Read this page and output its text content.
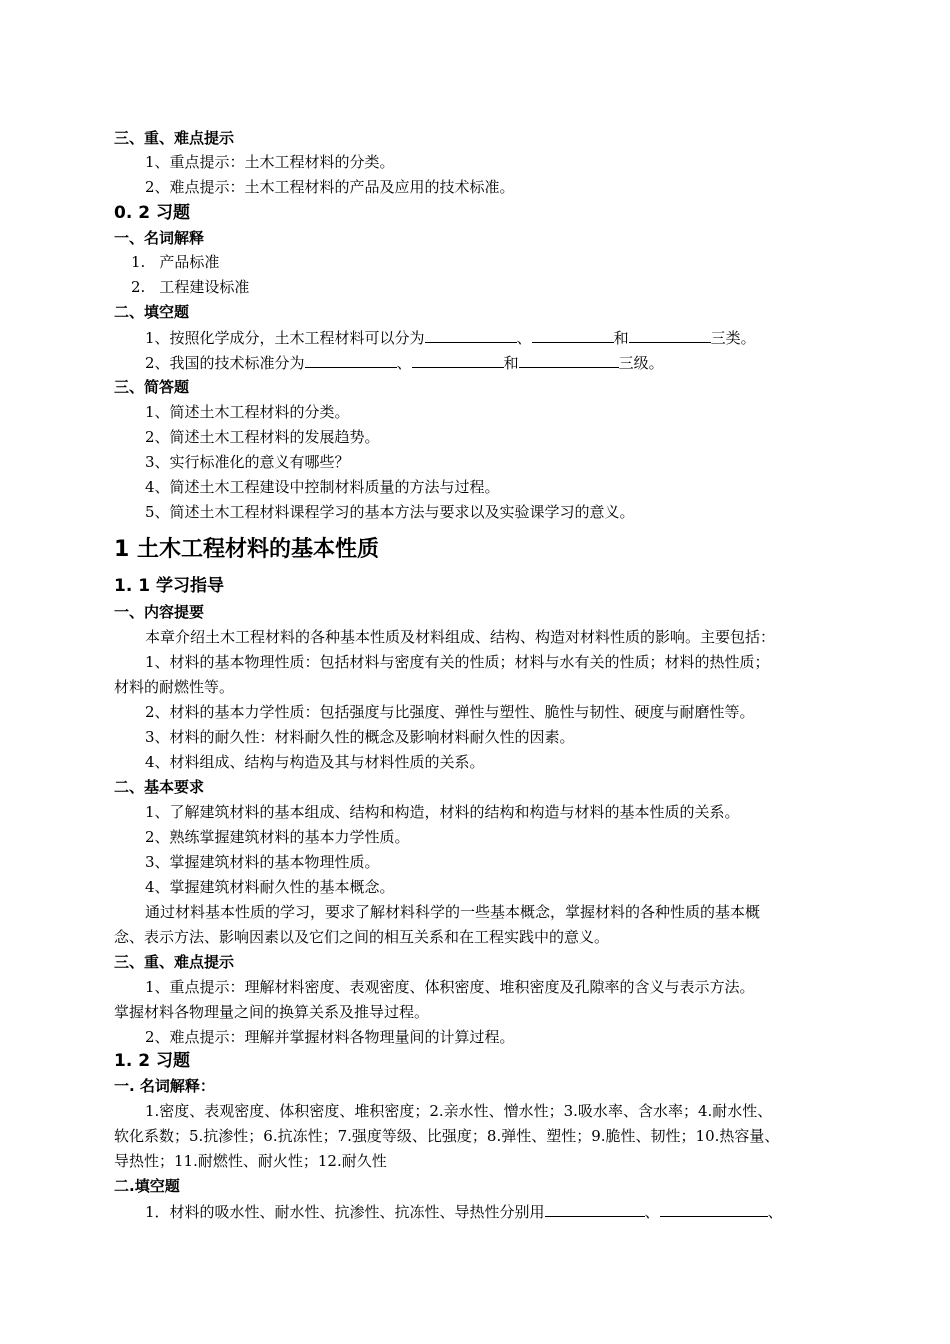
三、重、难点提示
1、重点提示：土木工程材料的分类。
2、难点提示：土木工程材料的产品及应用的技术标准。
0. 2 习题
一、名词解释
1. 产品标准
2. 工程建设标准
二、填空题
1、按照化学成分，土木工程材料可以分为	、	和	三类。
2、我国的技术标准分为	、	和	三级。
三、简答题
1、简述土木工程材料的分类。
2、简述土木工程材料的发展趋势。
3、实行标准化的意义有哪些？
4、简述土木工程建设中控制材料质量的方法与过程。
5、简述土木工程材料课程学习的基本方法与要求以及实验课学习的意义。
1 土木工程材料的基本性质
1. 1 学习指导
一、内容提要
本章介绍土木工程材料的各种基本性质及材料组成、结构、构造对材料性质的影响。主要包括：
1、材料的基本物理性质：包括材料与密度有关的性质；材料与水有关的性质；材料的热性质；
材料的耐燃性等。
2、材料的基本力学性质：包括强度与比强度、弹性与塑性、脆性与韧性、硬度与耐磨性等。
3、材料的耐久性：材料耐久性的概念及影响材料耐久性的因素。
4、材料组成、结构与构造及其与材料性质的关系。
二、基本要求
1、了解建筑材料的基本组成、结构和构造，材料的结构和构造与材料的基本性质的关系。
2、熟练掌握建筑材料的基本力学性质。
3、掌握建筑材料的基本物理性质。
4、掌握建筑材料耐久性的基本概念。
通过材料基本性质的学习，要求了解材料科学的一些基本概念，掌握材料的各种性质的基本概
念、表示方法、影响因素以及它们之间的相互关系和在工程实践中的意义。
三、重、难点提示
1、重点提示：理解材料密度、表观密度、体积密度、堆积密度及孔隙率的含义与表示方法。
掌握材料各物理量之间的换算关系及推导过程。
2、难点提示：理解并掌握材料各物理量间的计算过程。
1. 2 习题
一. 名词解释：
1.密度、表观密度、体积密度、堆积密度；2.亲水性、憎水性；3.吸水率、含水率；4.耐水性、
软化系数；5.抗渗性；6.抗冻性；7.强度等级、比强度；8.弹性、塑性；9.脆性、韧性；10.热容量、
导热性；11.耐燃性、耐火性；12.耐久性
二.填空题
1．材料的吸水性、耐水性、抗渗性、抗冻性、导热性分别用	、	、
